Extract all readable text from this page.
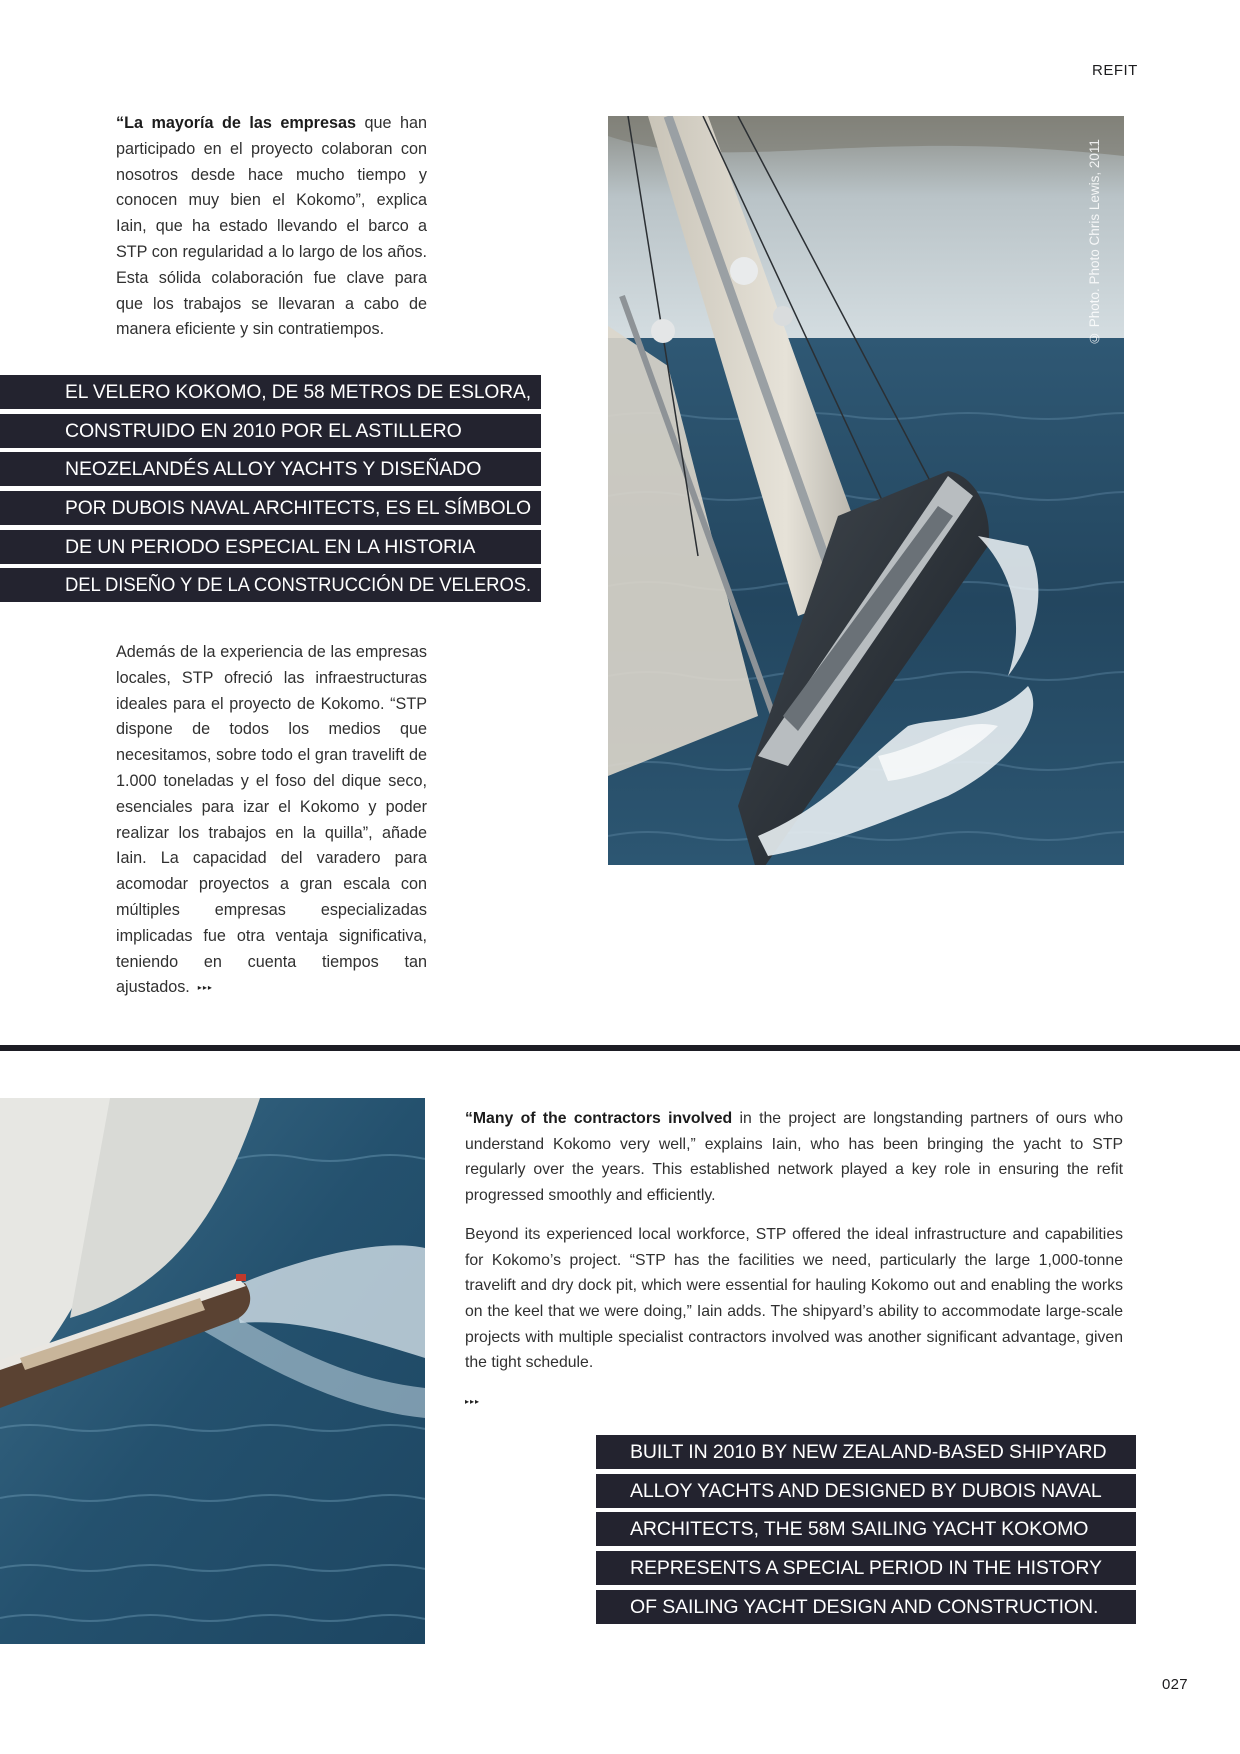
REFIT
“La mayoría de las empresas que han participado en el proyecto colaboran con nosotros desde hace mucho tiempo y conocen muy bien el Kokomo”, explica Iain, que ha estado llevando el barco a STP con regularidad a lo largo de los años. Esta sólida colaboración fue clave para que los trabajos se llevaran a cabo de manera eficiente y sin contratiempos.
EL VELERO KOKOMO, DE 58 METROS DE ESLORA,
CONSTRUIDO EN 2010 POR EL ASTILLERO
NEOZELANDÉS ALLOY YACHTS Y DISEÑADO
POR DUBOIS NAVAL ARCHITECTS, ES EL SÍMBOLO
DE UN PERIODO ESPECIAL EN LA HISTORIA
DEL DISEÑO Y DE LA CONSTRUCCIÓN DE VELEROS.
Además de la experiencia de las empresas locales, STP ofreció las infraestructuras ideales para el proyecto de Kokomo. “STP dispone de todos los medios que necesitamos, sobre todo el gran travelift de 1.000 toneladas y el foso del dique seco, esenciales para izar el Kokomo y poder realizar los trabajos en la quilla”, añade Iain. La capacidad del varadero para acomodar proyectos a gran escala con múltiples empresas especializadas implicadas fue otra ventaja significativa, teniendo en cuenta tiempos tan ajustados. ▸▸▸
© Photo. Photo Chris Lewis, 2011

“Many of the contractors involved in the project are longstanding partners of ours who understand Kokomo very well,” explains Iain, who has been bringing the yacht to STP regularly over the years. This established network played a key role in ensuring the refit progressed smoothly and efficiently.

Beyond its experienced local workforce, STP offered the ideal infrastructure and capabilities for Kokomo’s project. “STP has the facilities we need, particularly the large 1,000-tonne travelift and dry dock pit, which were essential for hauling Kokomo out and enabling the works on the keel that we were doing,” Iain adds. The shipyard’s ability to accommodate large-scale projects with multiple specialist contractors involved was another significant advantage, given the tight schedule.

▸▸▸
BUILT IN 2010 BY NEW ZEALAND-BASED SHIPYARD
ALLOY YACHTS AND DESIGNED BY DUBOIS NAVAL
ARCHITECTS, THE 58M SAILING YACHT KOKOMO
REPRESENTS A SPECIAL PERIOD IN THE HISTORY
OF SAILING YACHT DESIGN AND CONSTRUCTION.
027
